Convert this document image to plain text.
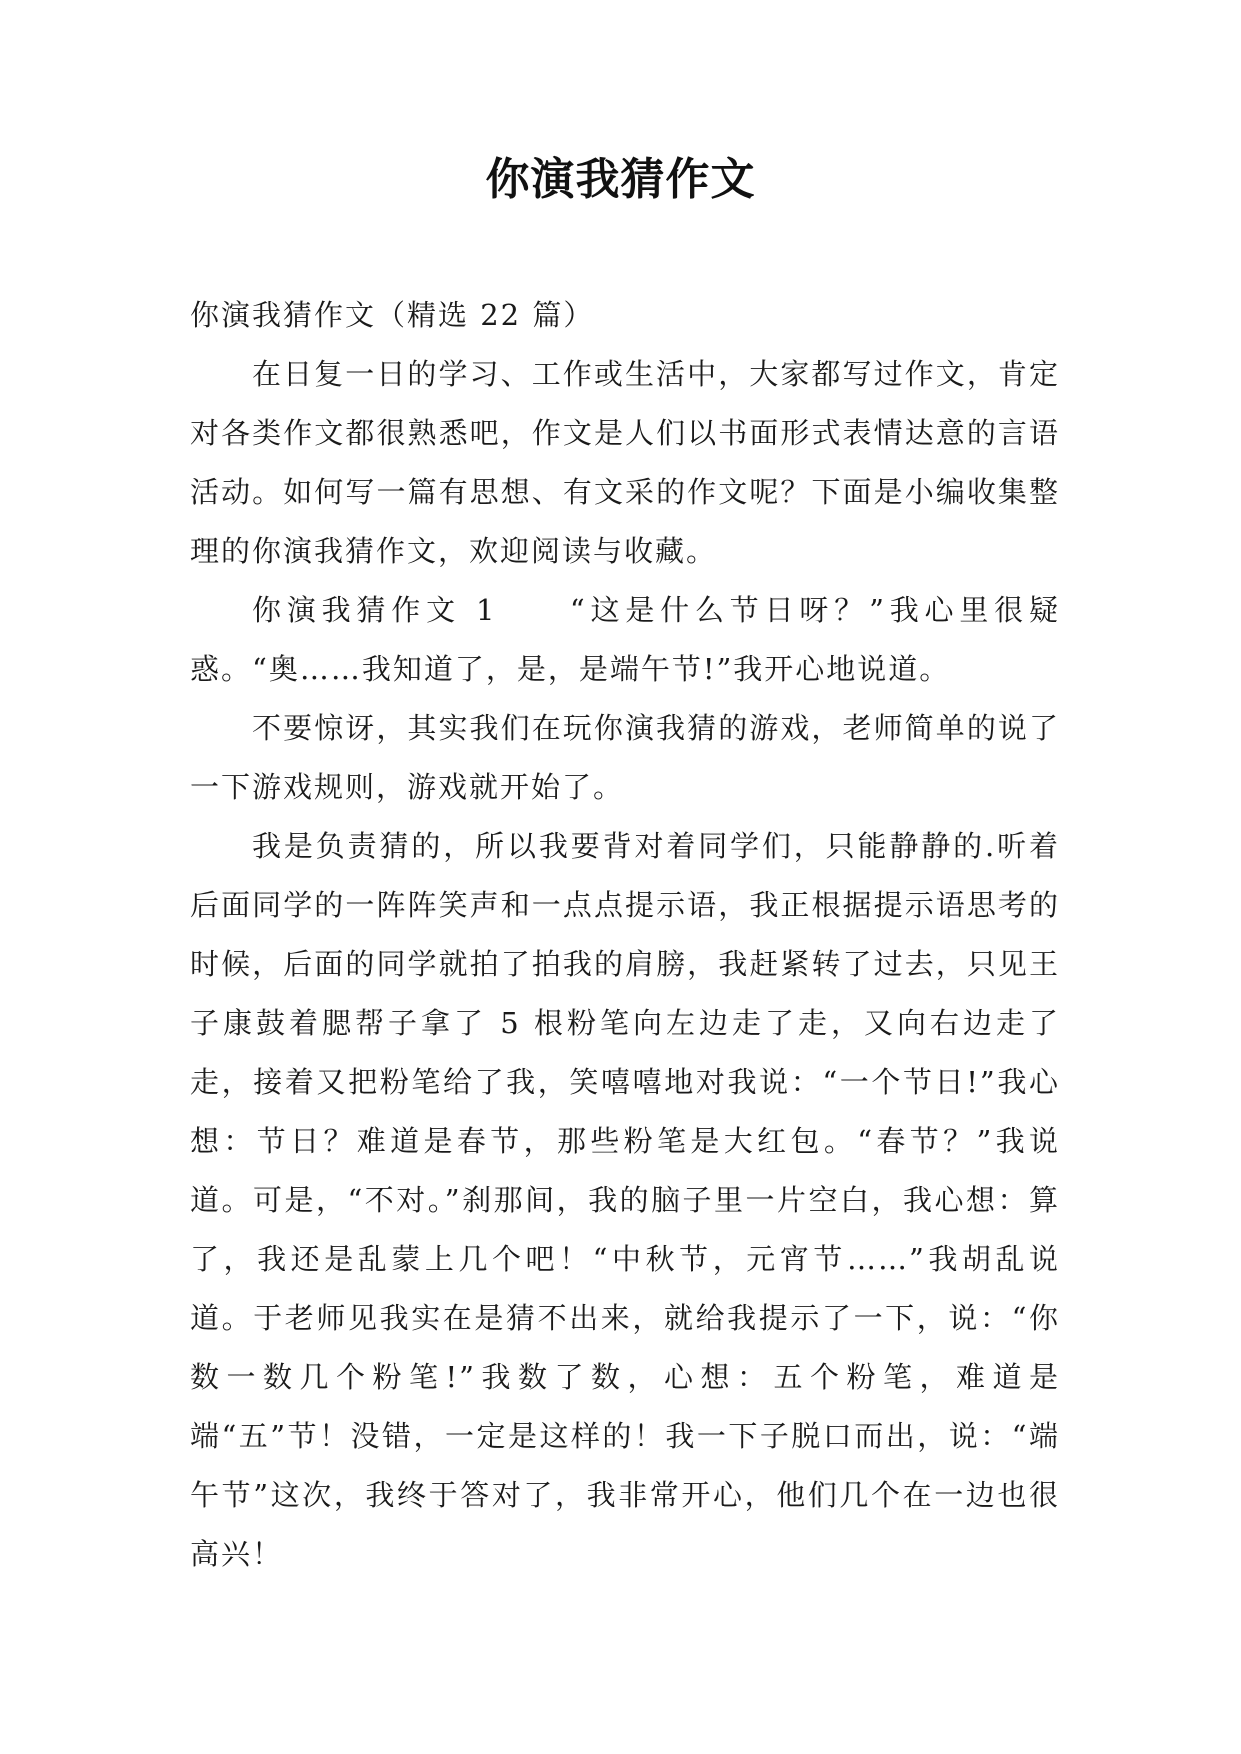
你演我猜作文

你演我猜作文（精选 22 篇）

在日复一日的学习、工作或生活中，大家都写过作文，肯定对各类作文都很熟悉吧，作文是人们以书面形式表情达意的言语活动。如何写一篇有思想、有文采的作文呢？下面是小编收集整理的你演我猜作文，欢迎阅读与收藏。

你演我猜作文 1　　“这是什么节日呀？”我心里很疑惑。“奥……我知道了，是，是端午节!”我开心地说道。

不要惊讶，其实我们在玩你演我猜的游戏，老师简单的说了一下游戏规则，游戏就开始了。

我是负责猜的，所以我要背对着同学们，只能静静的.听着后面同学的一阵阵笑声和一点点提示语，我正根据提示语思考的时候，后面的同学就拍了拍我的肩膀，我赶紧转了过去，只见王子康鼓着腮帮子拿了 5 根粉笔向左边走了走，又向右边走了走，接着又把粉笔给了我，笑嘻嘻地对我说：“一个节日!”我心想：节日？难道是春节，那些粉笔是大红包。“春节？”我说道。可是，“不对。”刹那间，我的脑子里一片空白，我心想：算了，我还是乱蒙上几个吧！“中秋节，元宵节……”我胡乱说道。于老师见我实在是猜不出来，就给我提示了一下，说：“你数一数几个粉笔!”我数了数，心想：五个粉笔，难道是端“五”节！没错，一定是这样的！我一下子脱口而出，说：“端午节”这次，我终于答对了，我非常开心，他们几个在一边也很高兴！
